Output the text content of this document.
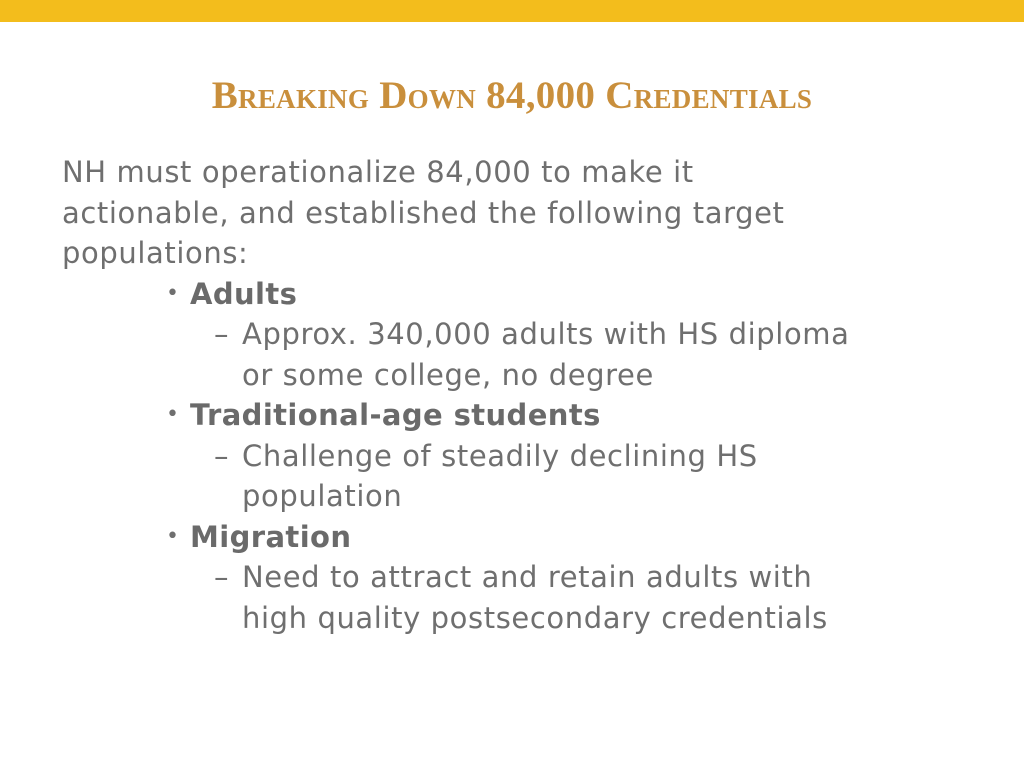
Breaking Down 84,000 Credentials

NH must operationalize 84,000 to make it
actionable, and established the following target
populations:

• Adults
– Approx. 340,000 adults with HS diploma
or some college, no degree
• Traditional-age students
– Challenge of steadily declining HS
population
• Migration
– Need to attract and retain adults with
high quality postsecondary credentials
